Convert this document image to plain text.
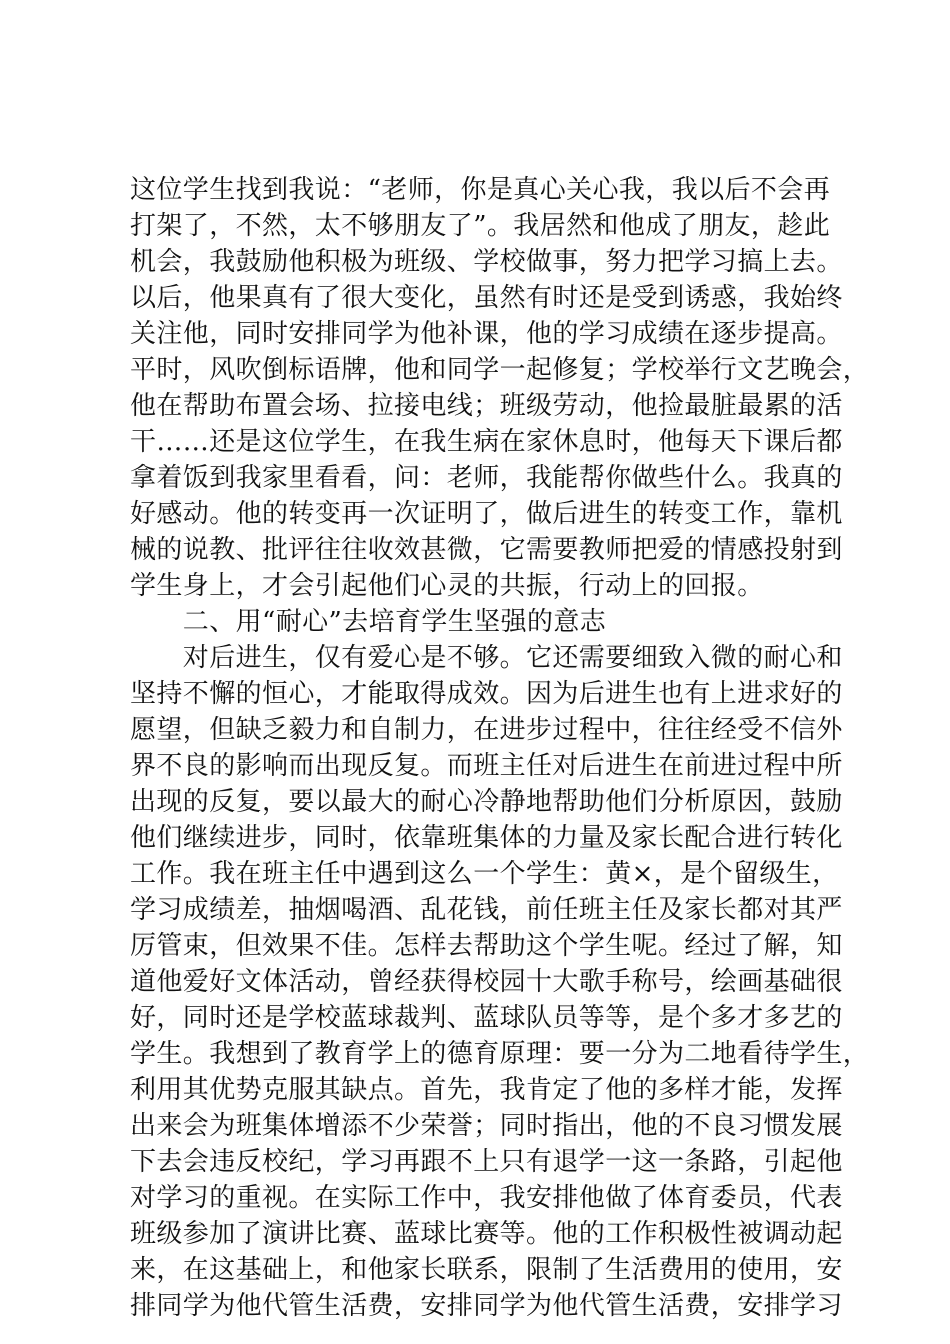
这位学生找到我说：“老师，你是真心关心我，我以后不会再
打架了，不然，太不够朋友了”。我居然和他成了朋友，趁此
机会，我鼓励他积极为班级、学校做事，努力把学习搞上去。
以后，他果真有了很大变化，虽然有时还是受到诱惑，我始终
关注他，同时安排同学为他补课，他的学习成绩在逐步提高。
平时，风吹倒标语牌，他和同学一起修复；学校举行文艺晚会，
他在帮助布置会场、拉接电线；班级劳动，他捡最脏最累的活
干……还是这位学生，在我生病在家休息时，他每天下课后都
拿着饭到我家里看看，问：老师，我能帮你做些什么。我真的
好感动。他的转变再一次证明了，做后进生的转变工作，靠机
械的说教、批评往往收效甚微，它需要教师把爱的情感投射到
学生身上，才会引起他们心灵的共振，行动上的回报。
　　二、用“耐心”去培育学生坚强的意志
　　对后进生，仅有爱心是不够。它还需要细致入微的耐心和
坚持不懈的恒心，才能取得成效。因为后进生也有上进求好的
愿望，但缺乏毅力和自制力，在进步过程中，往往经受不信外
界不良的影响而出现反复。而班主任对后进生在前进过程中所
出现的反复，要以最大的耐心冷静地帮助他们分析原因，鼓励
他们继续进步，同时，依靠班集体的力量及家长配合进行转化
工作。我在班主任中遇到这么一个学生：黄×，是个留级生，
学习成绩差，抽烟喝酒、乱花钱，前任班主任及家长都对其严
厉管束，但效果不佳。怎样去帮助这个学生呢。经过了解，知
道他爱好文体活动，曾经获得校园十大歌手称号，绘画基础很
好，同时还是学校蓝球裁判、蓝球队员等等，是个多才多艺的
学生。我想到了教育学上的德育原理：要一分为二地看待学生，
利用其优势克服其缺点。首先，我肯定了他的多样才能，发挥
出来会为班集体增添不少荣誉；同时指出，他的不良习惯发展
下去会违反校纪，学习再跟不上只有退学一这一条路，引起他
对学习的重视。在实际工作中，我安排他做了体育委员，代表
班级参加了演讲比赛、蓝球比赛等。他的工作积极性被调动起
来，在这基础上，和他家长联系，限制了生活费用的使用，安
排同学为他代管生活费，安排同学为他代管生活费，安排学习
